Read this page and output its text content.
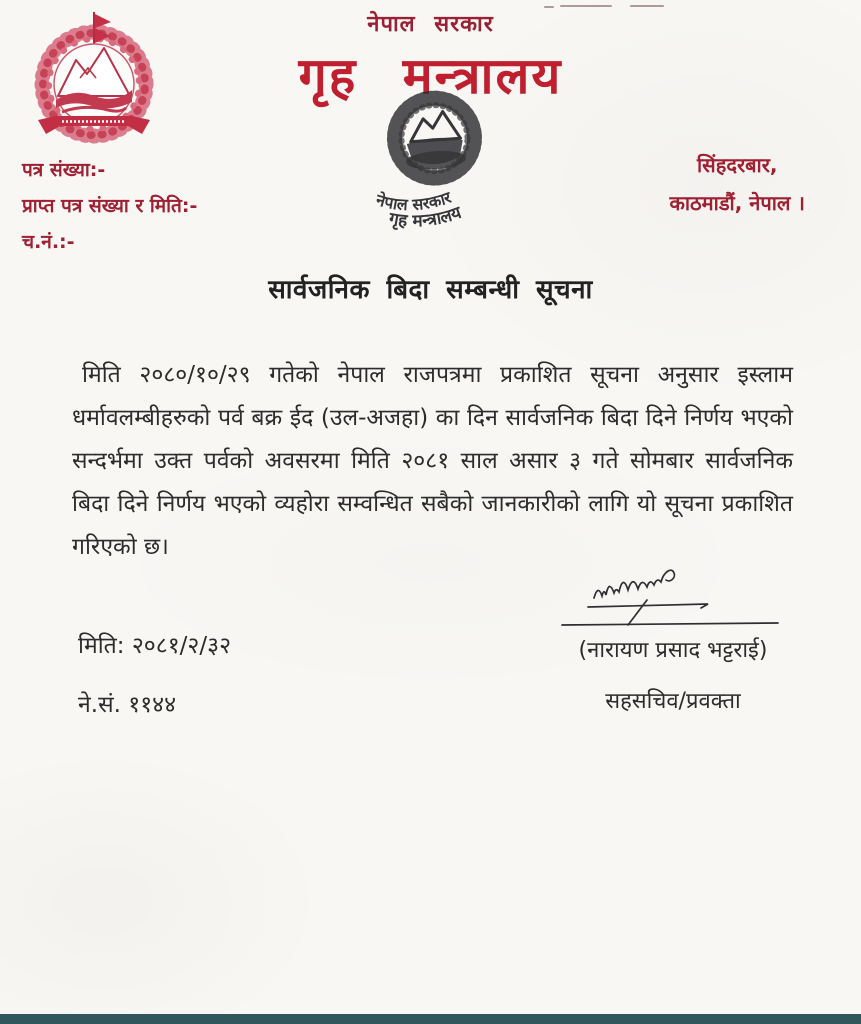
नेपाल सरकार
गृह मन्त्रालय
नेपाल सरकार
गृह मन्त्रालय
पत्र संख्या:-
प्राप्त पत्र संख्या र मिति:-
च.नं.:-
सिंहदरबार,
काठमाडौं, नेपाल ।
सार्वजनिक बिदा सम्बन्धी सूचना
मिति २०८०/१०/२९ गतेको नेपाल राजपत्रमा प्रकाशित सूचना अनुसार इस्लाम
धर्मावलम्बीहरुको पर्व बक्र ईद (उल-अजहा) का दिन सार्वजनिक बिदा दिने निर्णय भएको
सन्दर्भमा उक्त पर्वको अवसरमा मिति २०८१ साल असार ३ गते सोमबार सार्वजनिक
बिदा दिने निर्णय भएको व्यहोरा सम्वन्धित सबैको जानकारीको लागि यो सूचना प्रकाशित
गरिएको छ।
(नारायण प्रसाद भट्टराई)
सहसचिव/प्रवक्ता
मिति: २०८१/२/३२
ने.सं. ११४४
